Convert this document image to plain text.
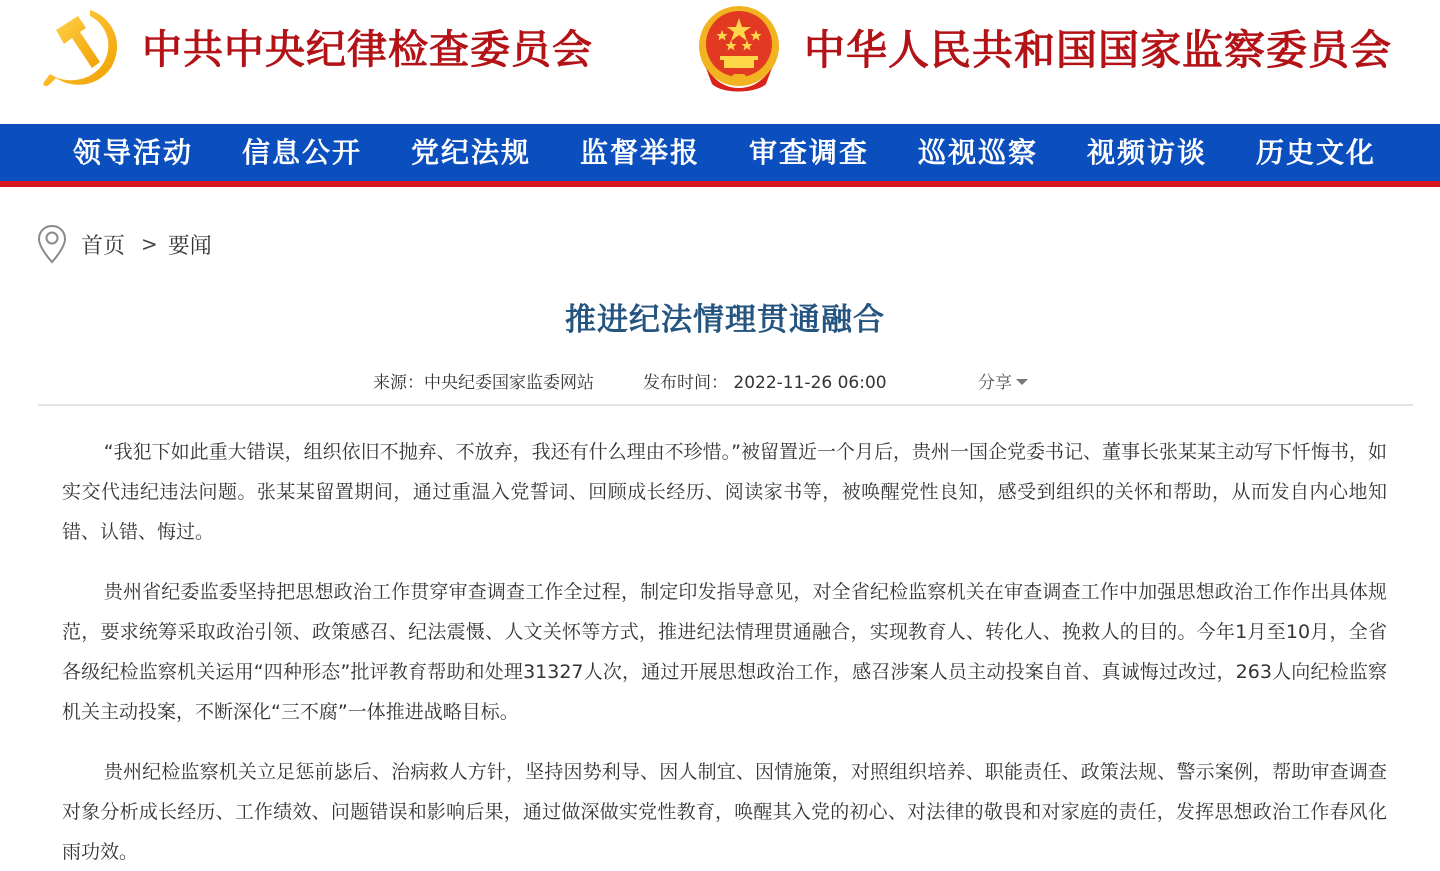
中共中央纪律检查委员会	中华人民共和国国家监察委员会
领导活动	信息公开	党纪法规	监督举报	审查调查	巡视巡察	视频访谈	历史文化
首页 > 要闻
推进纪法情理贯通融合
来源：中央纪委国家监委网站	发布时间： 2022-11-26 06:00	分享

“我犯下如此重大错误，组织依旧不抛弃、不放弃，我还有什么理由不珍惜。”被留置近一个月后，贵州一国企党委书记、董事长张某某主动写下忏悔书，如实交代违纪违法问题。张某某留置期间，通过重温入党誓词、回顾成长经历、阅读家书等，被唤醒党性良知，感受到组织的关怀和帮助，从而发自内心地知错、认错、悔过。

贵州省纪委监委坚持把思想政治工作贯穿审查调查工作全过程，制定印发指导意见，对全省纪检监察机关在审查调查工作中加强思想政治工作作出具体规范，要求统筹采取政治引领、政策感召、纪法震慑、人文关怀等方式，推进纪法情理贯通融合，实现教育人、转化人、挽救人的目的。今年1月至10月，全省各级纪检监察机关运用“四种形态”批评教育帮助和处理31327人次，通过开展思想政治工作，感召涉案人员主动投案自首、真诚悔过改过，263人向纪检监察机关主动投案，不断深化“三不腐”一体推进战略目标。

贵州纪检监察机关立足惩前毖后、治病救人方针，坚持因势利导、因人制宜、因情施策，对照组织培养、职能责任、政策法规、警示案例，帮助审查调查对象分析成长经历、工作绩效、问题错误和影响后果，通过做深做实党性教育，唤醒其入党的初心、对法律的敬畏和对家庭的责任，发挥思想政治工作春风化雨功效。
